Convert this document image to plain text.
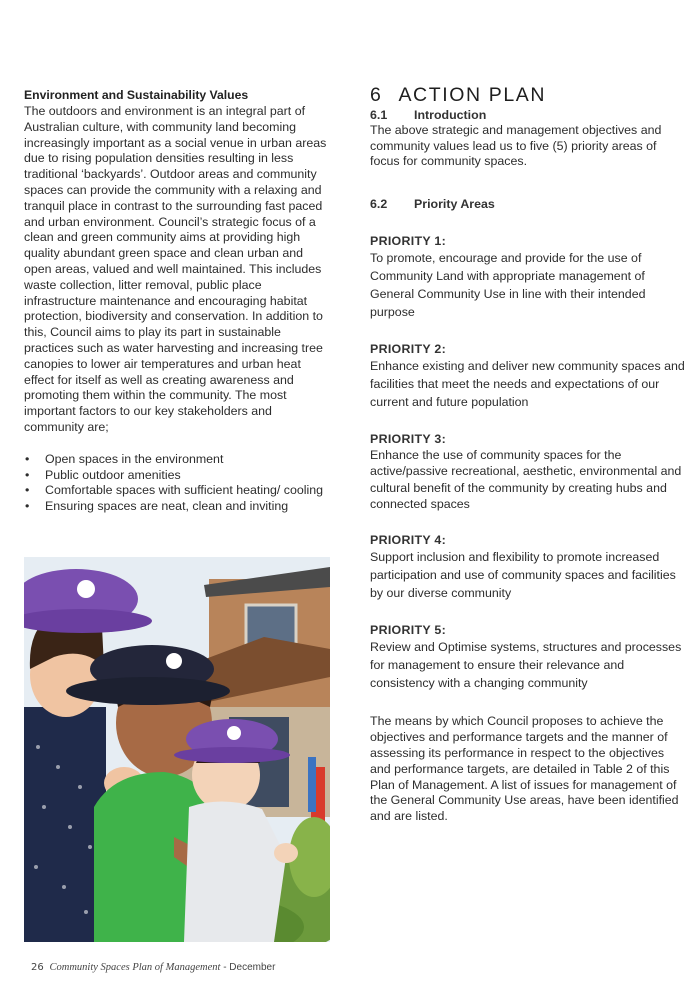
Environment and Sustainability Values

The outdoors and environment is an integral part of Australian culture, with community land becoming increasingly important as a social venue in urban areas due to rising population densities resulting in less traditional ‘backyards’. Outdoor areas and community spaces can provide the community with a relaxing and tranquil place in contrast to the surrounding fast paced and urban environment. Council’s strategic focus of a clean and green community aims at providing high quality abundant green space and clean urban and open areas, valued and well maintained. This includes waste collection, litter removal, public place infrastructure maintenance and encouraging habitat protection, biodiversity and conservation. In addition to this, Council aims to play its part in sustainable practices such as water harvesting and increasing tree canopies to lower air temperatures and urban heat effect for itself as well as creating awareness and promoting them within the community. The most important factors to our key stakeholders and community are;

• Open spaces in the environment
• Public outdoor amenities
• Comfortable spaces with sufficient heating/ cooling
• Ensuring spaces are neat, clean and inviting
6 ACTION PLAN

6.1 Introduction

The above strategic and management objectives and community values lead us to five (5) priority areas of focus for community spaces.

6.2 Priority Areas

PRIORITY 1:

To promote, encourage and provide for the use of Community Land with appropriate management of General Community Use in line with their intended purpose

PRIORITY 2:

Enhance existing and deliver new community spaces and facilities that meet the needs and expectations of our current and future population

PRIORITY 3:

Enhance the use of community spaces for the active/passive recreational, aesthetic, environmental and cultural benefit of the community by creating hubs and connected spaces

PRIORITY 4:

Support inclusion and flexibility to promote increased participation and use of community spaces and facilities by our diverse community

PRIORITY 5:

Review and Optimise systems, structures and processes for management to ensure their relevance and consistency with a changing community

The means by which Council proposes to achieve the objectives and performance targets and the manner of assessing its performance in respect to the objectives and performance targets, are detailed in Table 2 of this Plan of Management. A list of issues for management of the General Community Use areas, have been identified and are listed.

26 Community Spaces Plan of Management - December
